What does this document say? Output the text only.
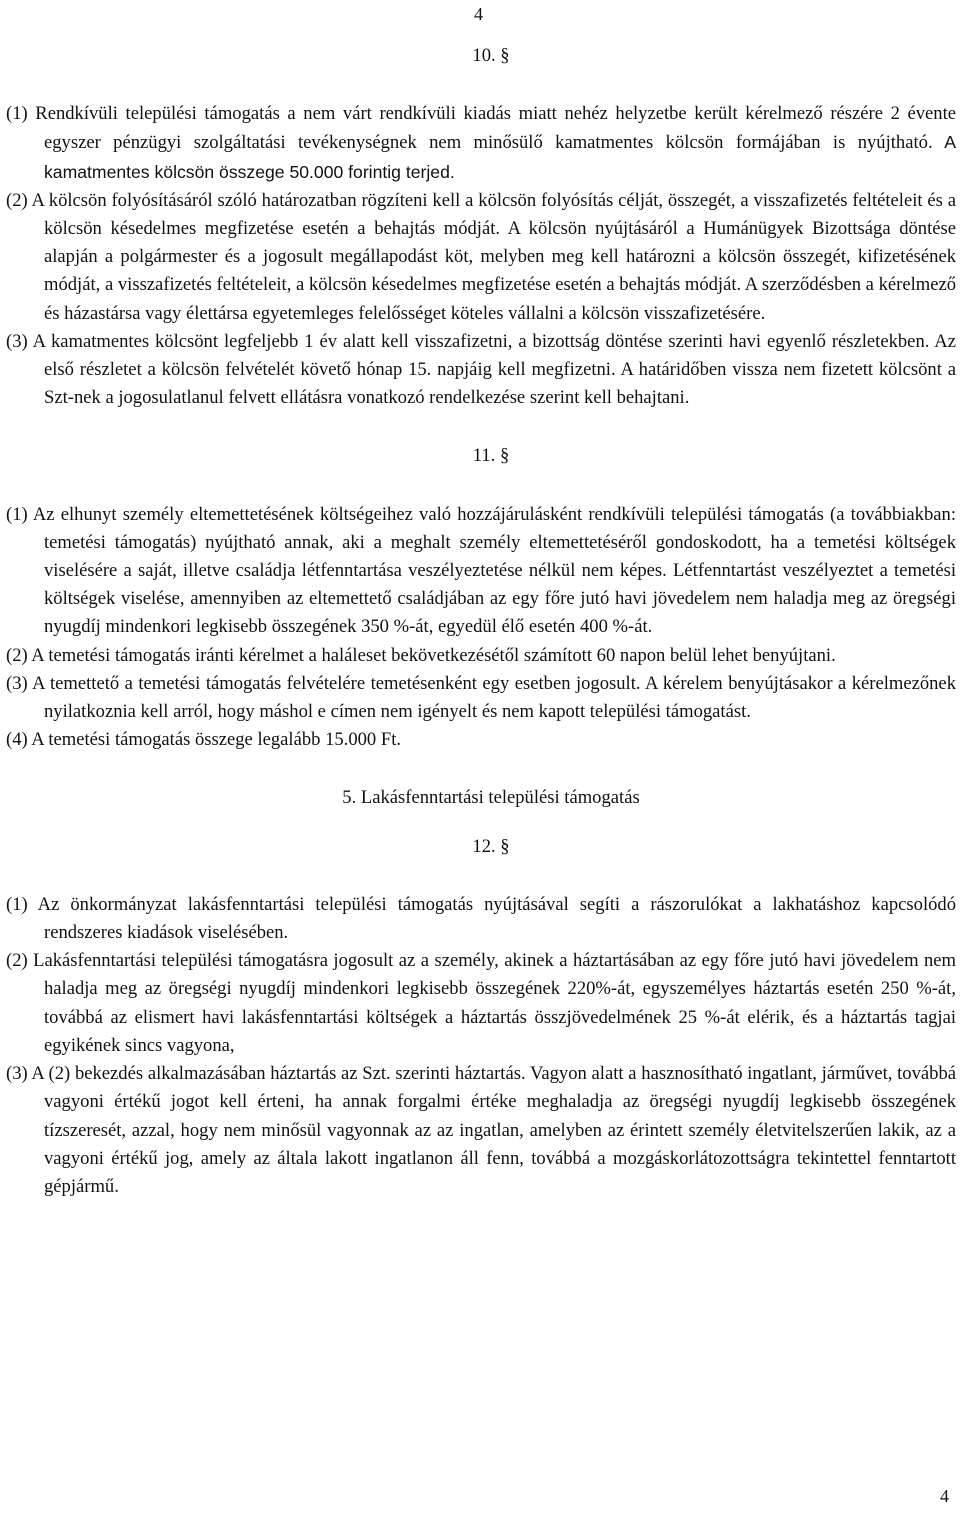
4

10. §

(1) Rendkívüli települési támogatás a nem várt rendkívüli kiadás miatt nehéz helyzetbe került kérelmező részére 2 évente egyszer pénzügyi szolgáltatási tevékenységnek nem minősülő kamatmentes kölcsön formájában is nyújtható. A kamatmentes kölcsön összege 50.000 forintig terjed.

(2) A kölcsön folyósításáról szóló határozatban rögzíteni kell a kölcsön folyósítás célját, összegét, a visszafizetés feltételeit és a kölcsön késedelmes megfizetése esetén a behajtás módját. A kölcsön nyújtásáról a Humánügyek Bizottsága döntése alapján a polgármester és a jogosult megállapodást köt, melyben meg kell határozni a kölcsön összegét, kifizetésének módját, a visszafizetés feltételeit, a kölcsön késedelmes megfizetése esetén a behajtás módját. A szerződésben a kérelmező és házastársa vagy élettársa egyetemleges felelősséget köteles vállalni a kölcsön visszafizetésére.

(3) A kamatmentes kölcsönt legfeljebb 1 év alatt kell visszafizetni, a bizottság döntése szerinti havi egyenlő részletekben. Az első részletet a kölcsön felvételét követő hónap 15. napjáig kell megfizetni. A határidőben vissza nem fizetett kölcsönt a Szt-nek a jogosulatlanul felvett ellátásra vonatkozó rendelkezése szerint kell behajtani.

11. §

(1) Az elhunyt személy eltemettetésének költségeihez való hozzájárulásként rendkívüli települési támogatás (a továbbiakban: temetési támogatás) nyújtható annak, aki a meghalt személy eltemettetéséről gondoskodott, ha a temetési költségek viselésére a saját, illetve családja létfenntartása veszélyeztetése nélkül nem képes. Létfenntartást veszélyeztet a temetési költségek viselése, amennyiben az eltemettető családjában az egy főre jutó havi jövedelem nem haladja meg az öregségi nyugdíj mindenkori legkisebb összegének 350 %-át, egyedül élő esetén 400 %-át.

(2) A temetési támogatás iránti kérelmet a haláleset bekövetkezésétől számított 60 napon belül lehet benyújtani.

(3) A temettető a temetési támogatás felvételére temetésenként egy esetben jogosult. A kérelem benyújtásakor a kérelmezőnek nyilatkoznia kell arról, hogy máshol e címen nem igényelt és nem kapott települési támogatást.

(4) A temetési támogatás összege legalább 15.000 Ft.

5. Lakásfenntartási települési támogatás

12. §

(1) Az önkormányzat lakásfenntartási települési támogatás nyújtásával segíti a rászorulókat a lakhatáshoz kapcsolódó rendszeres kiadások viselésében.

(2) Lakásfenntartási települési támogatásra jogosult az a személy, akinek a háztartásában az egy főre jutó havi jövedelem nem haladja meg az öregségi nyugdíj mindenkori legkisebb összegének 220%-át, egyszemélyes háztartás esetén 250 %-át, továbbá az elismert havi lakásfenntartási költségek a háztartás összjövedelmének 25 %-át elérik, és a háztartás tagjai egyikének sincs vagyona,

(3) A (2) bekezdés alkalmazásában háztartás az Szt. szerinti háztartás. Vagyon alatt a hasznosítható ingatlant, járművet, továbbá vagyoni értékű jogot kell érteni, ha annak forgalmi értéke meghaladja az öregségi nyugdíj legkisebb összegének tízszeresét, azzal, hogy nem minősül vagyonnak az az ingatlan, amelyben az érintett személy életvitelszerűen lakik, az a vagyoni értékű jog, amely az általa lakott ingatlanon áll fenn, továbbá a mozgáskorlátozottságra tekintettel fenntartott gépjármű.

4
